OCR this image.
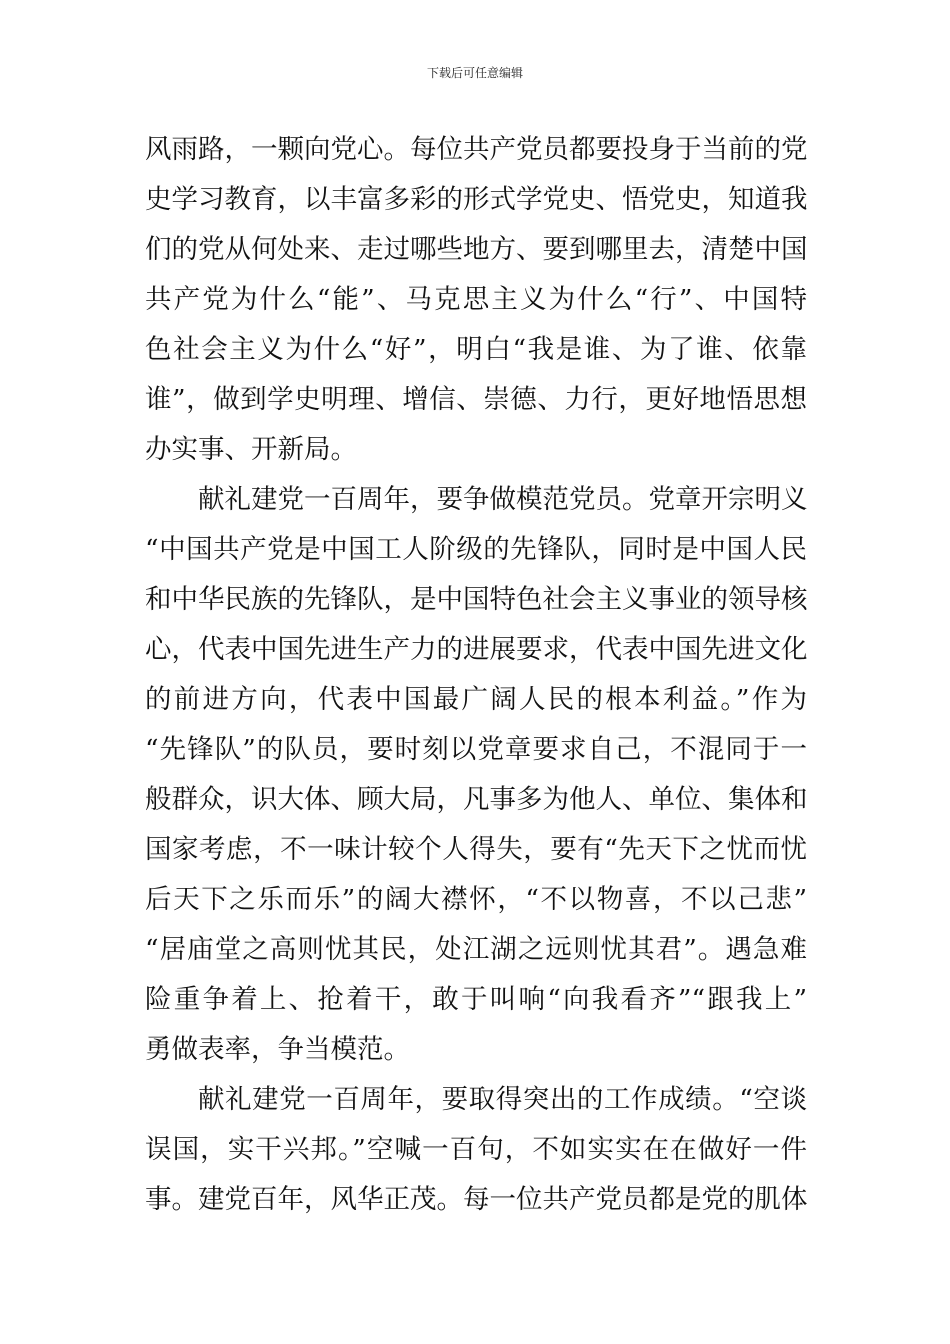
下载后可任意编辑
风雨路，一颗向党心。每位共产党员都要投身于当前的党
史学习教育，以丰富多彩的形式学党史、悟党史，知道我
们的党从何处来、走过哪些地方、要到哪里去，清楚中国
共产党为什么“能”、马克思主义为什么“行”、中国特
色社会主义为什么“好”，明白“我是谁、为了谁、依靠
谁”，做到学史明理、增信、崇德、力行，更好地悟思想
办实事、开新局。
献礼建党一百周年，要争做模范党员。党章开宗明义
“中国共产党是中国工人阶级的先锋队，同时是中国人民
和中华民族的先锋队，是中国特色社会主义事业的领导核
心，代表中国先进生产力的进展要求，代表中国先进文化
的前进方向，代表中国最广阔人民的根本利益。”作为
“先锋队”的队员，要时刻以党章要求自己，不混同于一
般群众，识大体、顾大局，凡事多为他人、单位、集体和
国家考虑，不一味计较个人得失，要有“先天下之忧而忧
后天下之乐而乐”的阔大襟怀，“不以物喜，不以己悲”
“居庙堂之高则忧其民，处江湖之远则忧其君”。遇急难
险重争着上、抢着干，敢于叫响“向我看齐”“跟我上”
勇做表率，争当模范。
献礼建党一百周年，要取得突出的工作成绩。“空谈
误国，实干兴邦。”空喊一百句，不如实实在在做好一件
事。建党百年，风华正茂。每一位共产党员都是党的肌体
